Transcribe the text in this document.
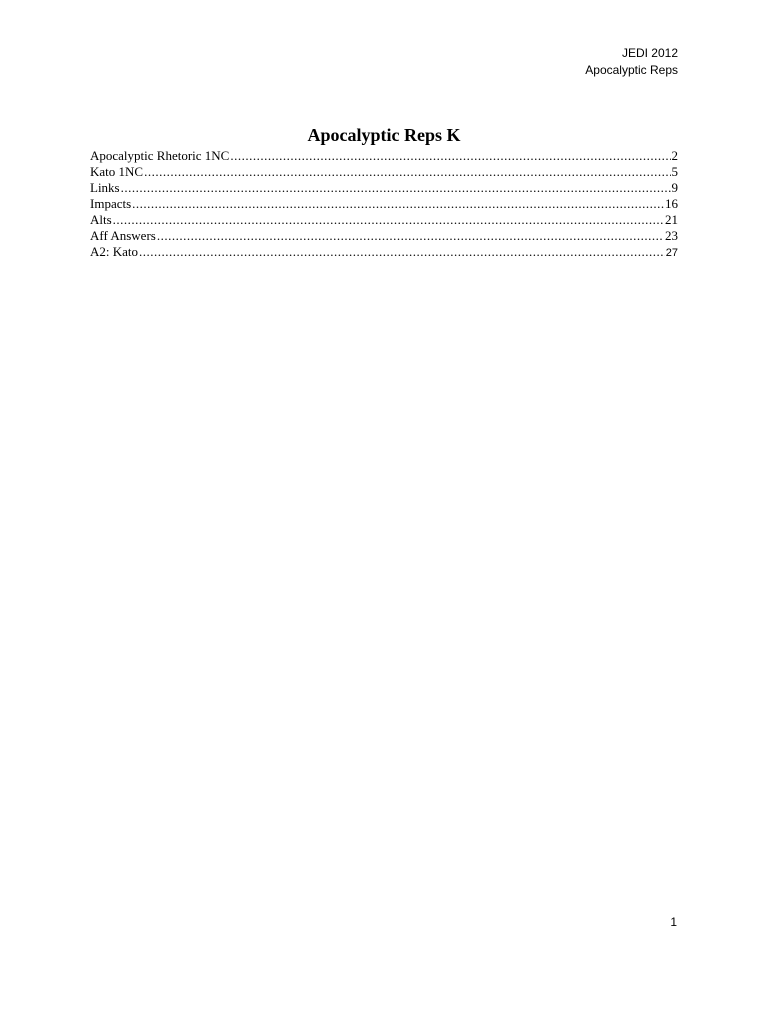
JEDI 2012
Apocalyptic Reps
Apocalyptic Reps K
Apocalyptic Rhetoric 1NC .....	2
Kato 1NC .....	5
Links .....	9
Impacts .....	16
Alts .....	21
Aff Answers .....	23
A2: Kato .....	27
1
